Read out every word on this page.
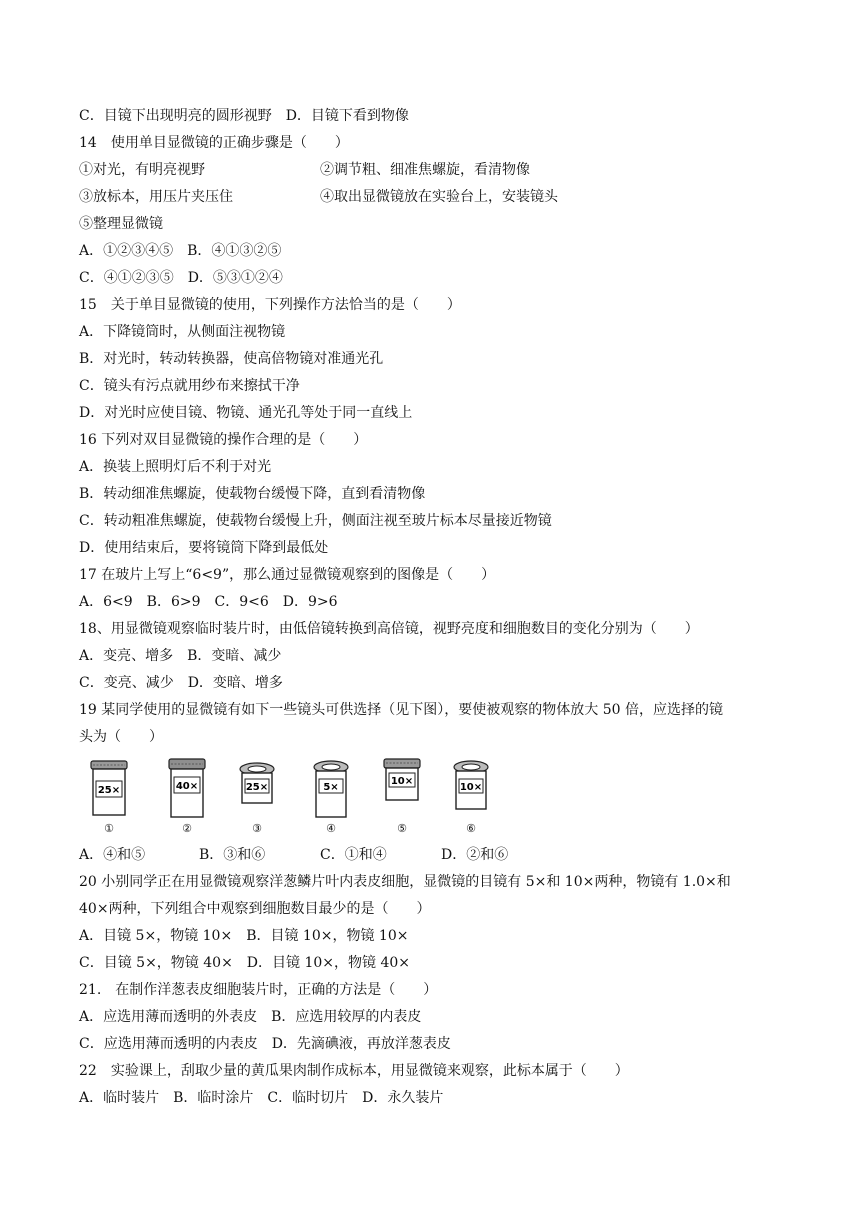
C．目镜下出现明亮的圆形视野　D．目镜下看到物像
14　使用单目显微镜的正确步骤是（　　）
①对光，有明亮视野	②调节粗、细准焦螺旋，看清物像
③放标本，用压片夹压住	④取出显微镜放在实验台上，安装镜头
⑤整理显微镜
A．①②③④⑤　B．④①③②⑤
C．④①②③⑤　D．⑤③①②④
15　关于单目显微镜的使用，下列操作方法恰当的是（　　）
A．下降镜筒时，从侧面注视物镜
B．对光时，转动转换器，使高倍物镜对准通光孔
C．镜头有污点就用纱布来擦拭干净
D．对光时应使目镜、物镜、通光孔等处于同一直线上
16 下列对双目显微镜的操作合理的是（　　）
A．换装上照明灯后不利于对光
B．转动细准焦螺旋，使载物台缓慢下降，直到看清物像
C．转动粗准焦螺旋，使载物台缓慢上升，侧面注视至玻片标本尽量接近物镜
D．使用结束后，要将镜筒下降到最低处
17 在玻片上写上“6<9”，那么通过显微镜观察到的图像是（　　）
A．6<9　B．6>9　C．9<6　D．9>6
18、用显微镜观察临时装片时，由低倍镜转换到高倍镜，视野亮度和细胞数目的变化分别为（　　）
A．变亮、增多　B．变暗、减少
C．变亮、减少　D．变暗、增多
19 某同学使用的显微镜有如下一些镜头可供选择（见下图），要使被观察的物体放大 50 倍，应选择的镜
头为（　　）
25×
①
40×
②
25×
③
5×
④
10×
⑤
10×
⑥
A．④和⑤	B．③和⑥	C．①和④	D．②和⑥
20 小别同学正在用显微镜观察洋葱鳞片叶内表皮细胞，显微镜的目镜有 5×和 10×两种，物镜有 1.0×和
40×两种，下列组合中观察到细胞数目最少的是（　　）
A．目镜 5×，物镜 10×　B．目镜 10×，物镜 10×
C．目镜 5×，物镜 40×　D．目镜 10×，物镜 40×
21.　在制作洋葱表皮细胞装片时，正确的方法是（　　）
A．应选用薄而透明的外表皮　B．应选用较厚的内表皮
C．应选用薄而透明的内表皮　D．先滴碘液，再放洋葱表皮
22　实验课上，刮取少量的黄瓜果肉制作成标本，用显微镜来观察，此标本属于（　　）
A．临时装片　B．临时涂片　C．临时切片　D．永久装片
